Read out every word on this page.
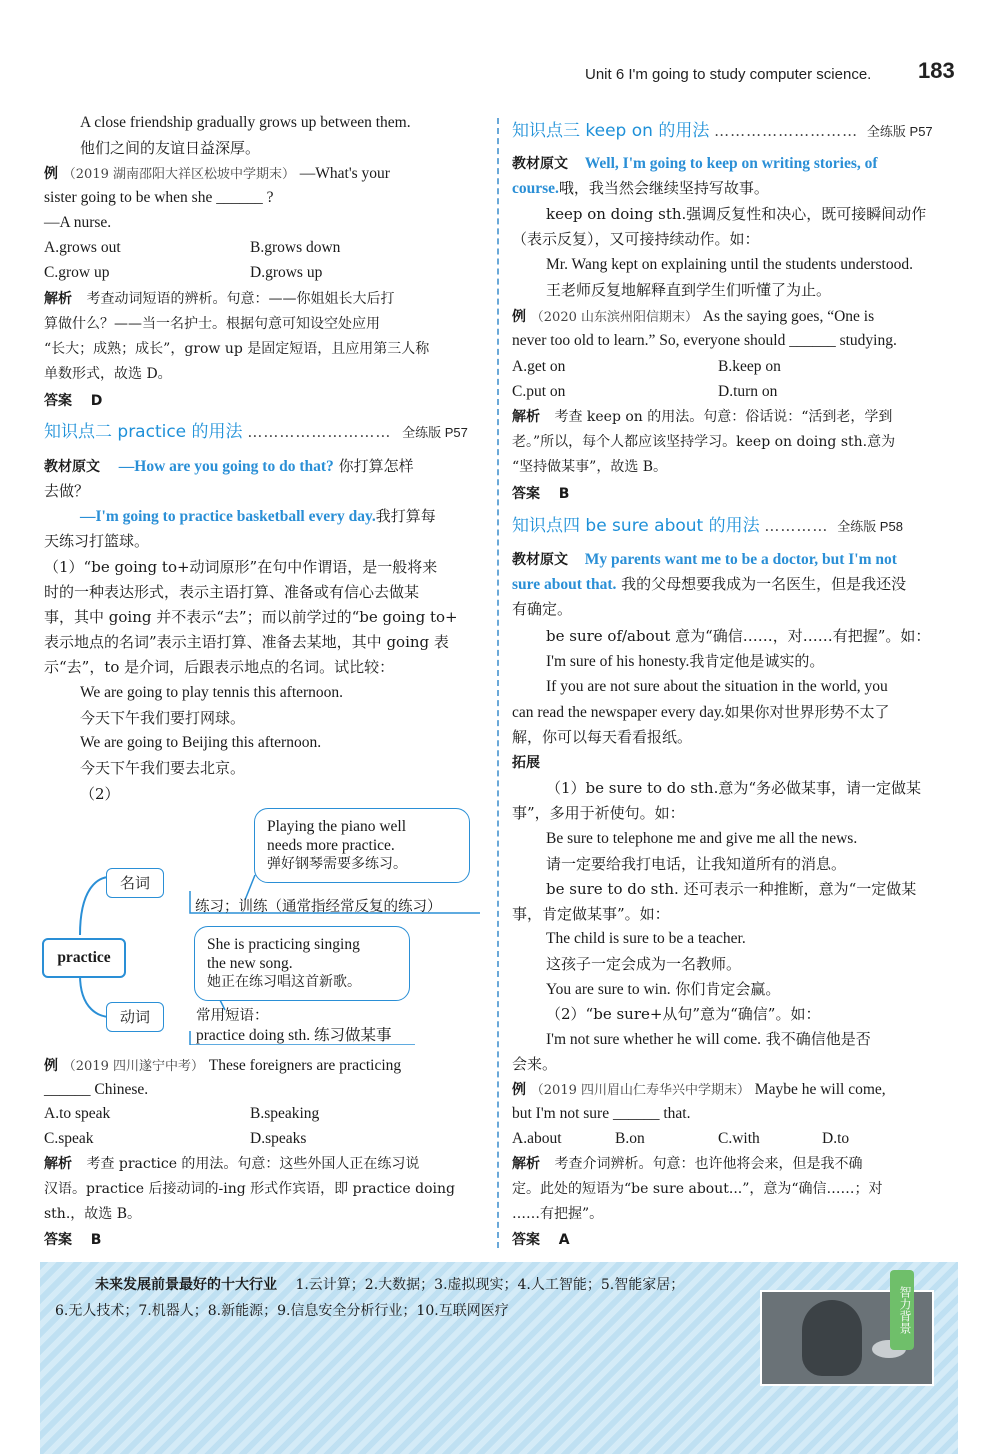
Unit 6 I'm going to study computer science. 183
A close friendship gradually grows up between them.
他们之间的友谊日益深厚。
例 （2019 湖南邵阳大祥区松坡中学期末） —What's your
sister going to be when she ______ ?
—A nurse.
A.grows out	B.grows down
C.grow up	D.grows up
解析 考查动词短语的辨析。句意：——你姐姐长大后打
算做什么？——当一名护士。根据句意可知设空处应用
“长大；成熟；成长”，grow up 是固定短语，且应用第三人称
单数形式，故选 D。
答案 D
知识点二 practice 的用法 ……………………… 全练版 P57
教材原文 —How are you going to do that? 你打算怎样
去做？
—I'm going to practice basketball every day.我打算每
天练习打篮球。
（1）“be going to+动词原形”在句中作谓语，是一般将来
时的一种表达形式，表示主语打算、准备或有信心去做某
事，其中 going 并不表示“去”；而以前学过的“be going to+
表示地点的名词”表示主语打算、准备去某地，其中 going 表
示“去”，to 是介词，后跟表示地点的名词。试比较：
We are going to play tennis this afternoon.
今天下午我们要打网球。
We are going to Beijing this afternoon.
今天下午我们要去北京。
（2）
practice
名词
动词
Playing the piano well
needs more practice.
弹好钢琴需要多练习。
练习；训练（通常指经常反复的练习）
She is practicing singing
the new song.
她正在练习唱这首新歌。
常用短语：
practice doing sth. 练习做某事
例 （2019 四川遂宁中考） These foreigners are practicing
______ Chinese.
A.to speak	B.speaking
C.speak	D.speaks
解析 考查 practice 的用法。句意：这些外国人正在练习说
汉语。practice 后接动词的-ing 形式作宾语，即 practice doing
sth.，故选 B。
答案 B
知识点三 keep on 的用法 ……………………… 全练版 P57
教材原文 Well, I'm going to keep on writing stories, of
course.哦，我当然会继续坚持写故事。
keep on doing sth.强调反复性和决心，既可接瞬间动作
（表示反复），又可接持续动作。如：
Mr. Wang kept on explaining until the students understood.
王老师反复地解释直到学生们听懂了为止。
例 （2020 山东滨州阳信期末） As the saying goes, “One is
never too old to learn.” So, everyone should ______ studying.
A.get on	B.keep on
C.put on	D.turn on
解析 考查 keep on 的用法。句意：俗话说：“活到老，学到
老。”所以，每个人都应该坚持学习。keep on doing sth.意为
“坚持做某事”，故选 B。
答案 B
知识点四 be sure about 的用法 ………… 全练版 P58
教材原文 My parents want me to be a doctor, but I'm not
sure about that. 我的父母想要我成为一名医生，但是我还没
有确定。
be sure of/about 意为“确信……，对……有把握”。如：
I'm sure of his honesty.我肯定他是诚实的。
If you are not sure about the situation in the world, you
can read the newspaper every day.如果你对世界形势不太了
解，你可以每天看看报纸。
拓展
（1）be sure to do sth.意为“务必做某事，请一定做某
事”，多用于祈使句。如：
Be sure to telephone me and give me all the news.
请一定要给我打电话，让我知道所有的消息。
be sure to do sth. 还可表示一种推断，意为“一定做某
事，肯定做某事”。如：
The child is sure to be a teacher.
这孩子一定会成为一名教师。
You are sure to win. 你们肯定会赢。
（2）“be sure+从句”意为“确信”。如：
I'm not sure whether he will come. 我不确信他是否
会来。
例 （2019 四川眉山仁寿华兴中学期末） Maybe he will come,
but I'm not sure ______ that.
A.about	B.on	C.with	D.to
解析 考查介词辨析。句意：也许他将会来，但是我不确
定。此处的短语为“be sure about...”，意为“确信……；对
……有把握”。
答案 A
未来发展前景最好的十大行业 1.云计算；2.大数据；3.虚拟现实；4.人工智能；5.智能家居；
6.无人技术；7.机器人；8.新能源；9.信息安全分析行业；10.互联网医疗	智力背景
